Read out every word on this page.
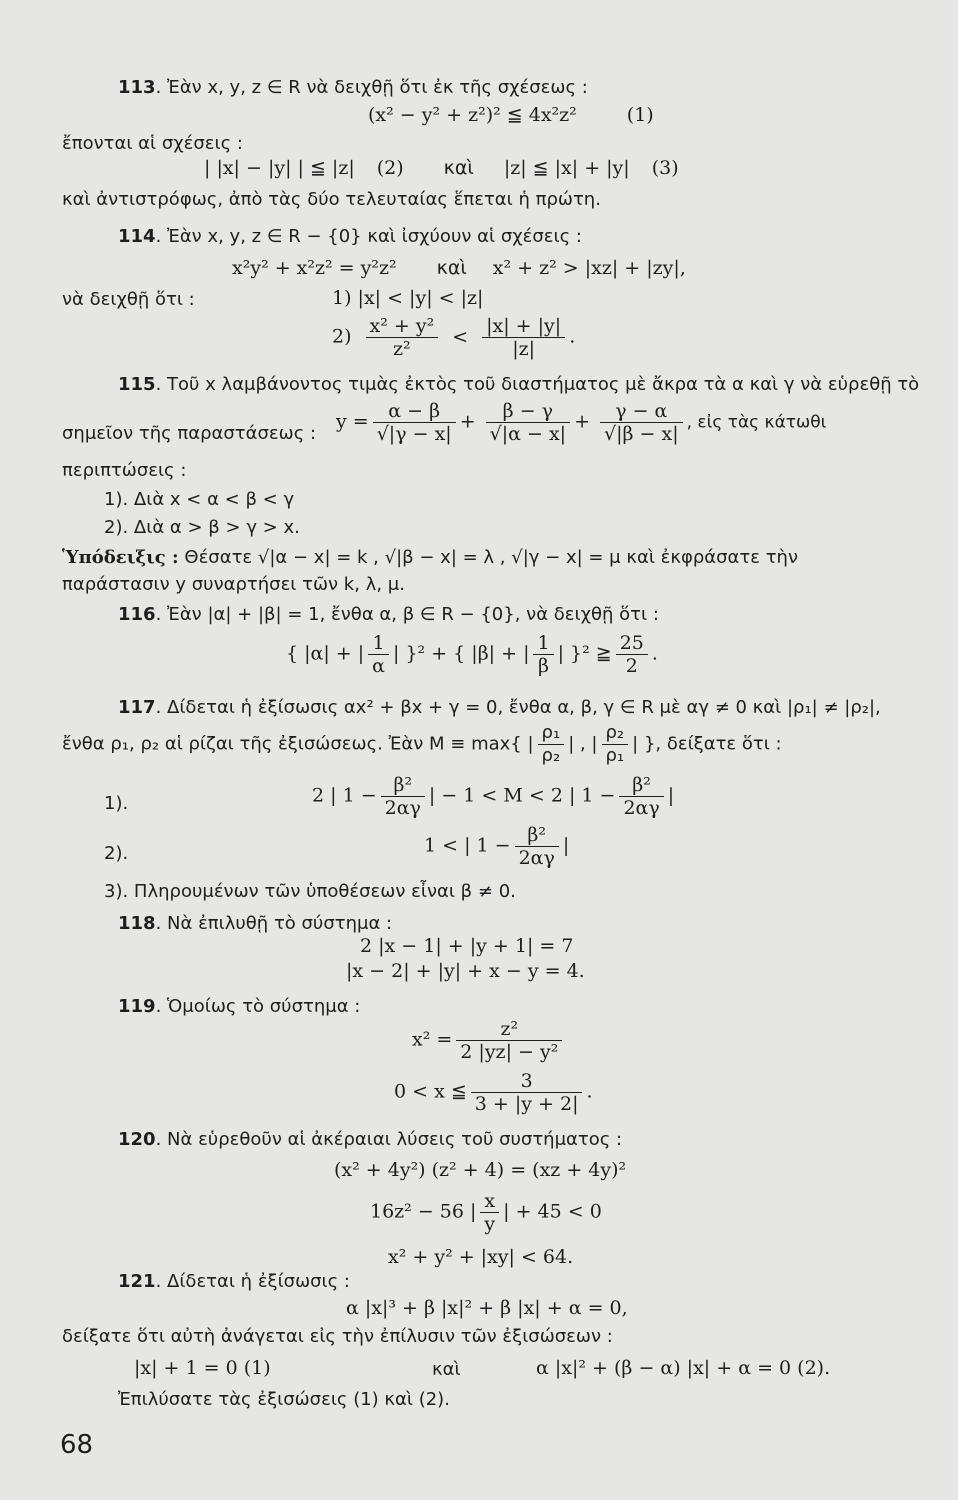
113. Ἐὰν x, y, z ∈ R νὰ δειχθῇ ὅτι ἐκ τῆς σχέσεως :
(x² − y² + z²)² ≦ 4x²z²	(1)
ἔπονται αἱ σχέσεις :
| |x| − |y| | ≦ |z| (2) καὶ |z| ≦ |x| + |y| (3)
καὶ ἀντιστρόφως, ἀπὸ τὰς δύο τελευταίας ἕπεται ἡ πρώτη.
114. Ἐὰν x, y, z ∈ R − {0} καὶ ἰσχύουν αἱ σχέσεις :
x²y² + x²z² = y²z² καὶ x² + z² > |xz| + |zy|,
νὰ δειχθῇ ὅτι :	1) |x| < |y| < |z|
$2) \frac{\text{x² + y²}}{\text{z²}} < \frac{|x| + |y|}{|z|}$ .
115. Τοῦ x λαμβάνοντος τιμὰς ἐκτὸς τοῦ διαστήματος μὲ ἄκρα τὰ α καὶ γ νὰ εὑρεθῇ τὸ
σημεῖον τῆς παραστάσεως :
$y = \frac{\alpha - \beta}{√|\gamma - x|} + \frac{\beta - \gamma}{√|\alpha - x|} + \frac{\gamma - \alpha}{√|\beta - x|}$ , εἰς τὰς κάτωθι
περιπτώσεις :
1). Διὰ x < α < β < γ
2). Διὰ α > β > γ > x.
Ὑπόδειξις : Θέσατε √|α − x| = k , √|β − x| = λ , √|γ − x| = μ καὶ ἐκφράσατε τὴν
παράστασιν y συναρτήσει τῶν k, λ, μ.
116. Ἐὰν |α| + |β| = 1, ἔνθα α, β ∈ R − {0}, νὰ δειχθῇ ὅτι :
{ |α| + | $\frac{1}{\alpha}$ | }² + { |β| + | $\frac{1}{\beta}$ | }² ≧ $\frac{25}{2}$ .
117. Δίδεται ἡ ἐξίσωσις αx² + βx + γ = 0, ἔνθα α, β, γ ∈ R μὲ αγ ≠ 0 καὶ |ρ₁| ≠ |ρ₂|,
ἔνθα ρ₁, ρ₂ αἱ ρίζαι τῆς ἐξισώσεως. Ἐὰν M ≡ max{ | $\frac{\text{ρ₁}}{\text{ρ₂}}$ | , | $\frac{\text{ρ₂}}{\text{ρ₁}}$ | }, δείξατε ὅτι :
1).	2 | $1 - \frac{\text{β²}}{2\alpha\gamma}$ | − 1 < M < 2 | $1 - \frac{\text{β²}}{2\alpha\gamma}$ |
2).	1 < | $1 - \frac{\text{β²}}{2\alpha\gamma}$ |
3). Πληρουμένων τῶν ὑποθέσεων εἶναι β ≠ 0.
118. Νὰ ἐπιλυθῇ τὸ σύστημα :
2 |x − 1| + |y + 1| = 7
|x − 2| + |y| + x − y = 4.
119. Ὁμοίως τὸ σύστημα :
$x^2 = \frac{\text{z²}}{\text{2 |yz| − y²}}$
0 < x ≦ $\frac{3}{3 + |y + 2|}$ .
120. Νὰ εὑρεθοῦν αἱ ἀκέραιαι λύσεις τοῦ συστήματος :
(x² + 4y²) (z² + 4) = (xz + 4y)²
16z² − 56 | $\frac{x}{y}$ | + 45 < 0
x² + y² + |xy| < 64.
121. Δίδεται ἡ ἐξίσωσις :
α |x|³ + β |x|² + β |x| + α = 0,
δείξατε ὅτι αὐτὴ ἀνάγεται εἰς τὴν ἐπίλυσιν τῶν ἐξισώσεων :
|x| + 1 = 0 (1)	καὶ	α |x|² + (β − α) |x| + α = 0 (2).
Ἐπιλύσατε τὰς ἐξισώσεις (1) καὶ (2).
68
